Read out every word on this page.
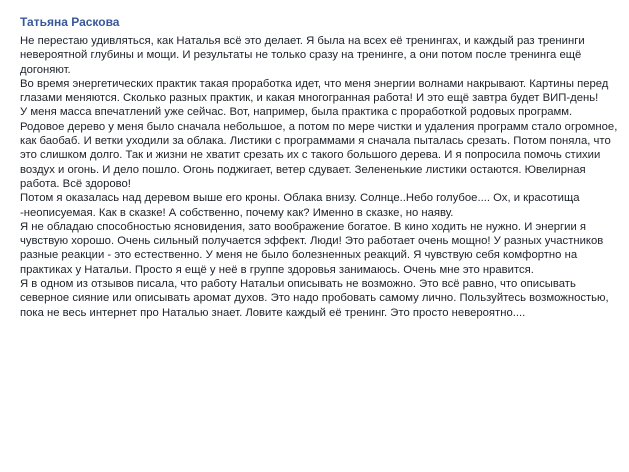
Татьяна Раскова

Не перестаю удивляться, как Наталья всё это делает. Я была на всех её тренингах, и каждый раз тренинги невероятной глубины и мощи. И результаты не только сразу на тренинге, а они потом после тренинга ещё догоняют.

Во время энергетических практик такая проработка идет, что меня энергии волнами накрывают. Картины перед глазами меняются. Сколько разных практик, и какая многогранная работа! И это ещё завтра будет ВИП-день!

У меня масса впечатлений уже сейчас. Вот, например, была практика с проработкой родовых программ. Родовое дерево у меня было сначала небольшое, а потом по мере чистки и удаления программ стало огромное, как баобаб. И ветки уходили за облака. Листики с программами я сначала пыталась срезать. Потом поняла, что это слишком долго. Так и жизни не хватит срезать их с такого большого дерева. И я попросила помочь стихии воздух и огонь. И дело пошло. Огонь поджигает, ветер сдувает. Зелененькие листики остаются. Ювелирная работа. Всё здорово!

Потом я оказалась над деревом выше его кроны. Облака внизу. Солнце..Небо голубое.... Ох, и красотища -неописуемая. Как в сказке! А собственно, почему как? Именно в сказке, но наяву.

Я не обладаю способностью ясновидения, зато воображение богатое. В кино ходить не нужно. И энергии я чувствую хорошо. Очень сильный получается эффект. Люди! Это работает очень мощно! У разных участников разные реакции - это естественно. У меня не было болезненных реакций. Я чувствую себя комфортно на практиках у Натальи. Просто я ещё у неё в группе здоровья занимаюсь. Очень мне это нравится.

Я в одном из отзывов писала, что работу Натальи описывать не возможно. Это всё равно, что описывать северное сияние или описывать аромат духов. Это надо пробовать самому лично. Пользуйтесь возможностью, пока не весь интернет про Наталью знает. Ловите каждый её тренинг. Это просто невероятно....
